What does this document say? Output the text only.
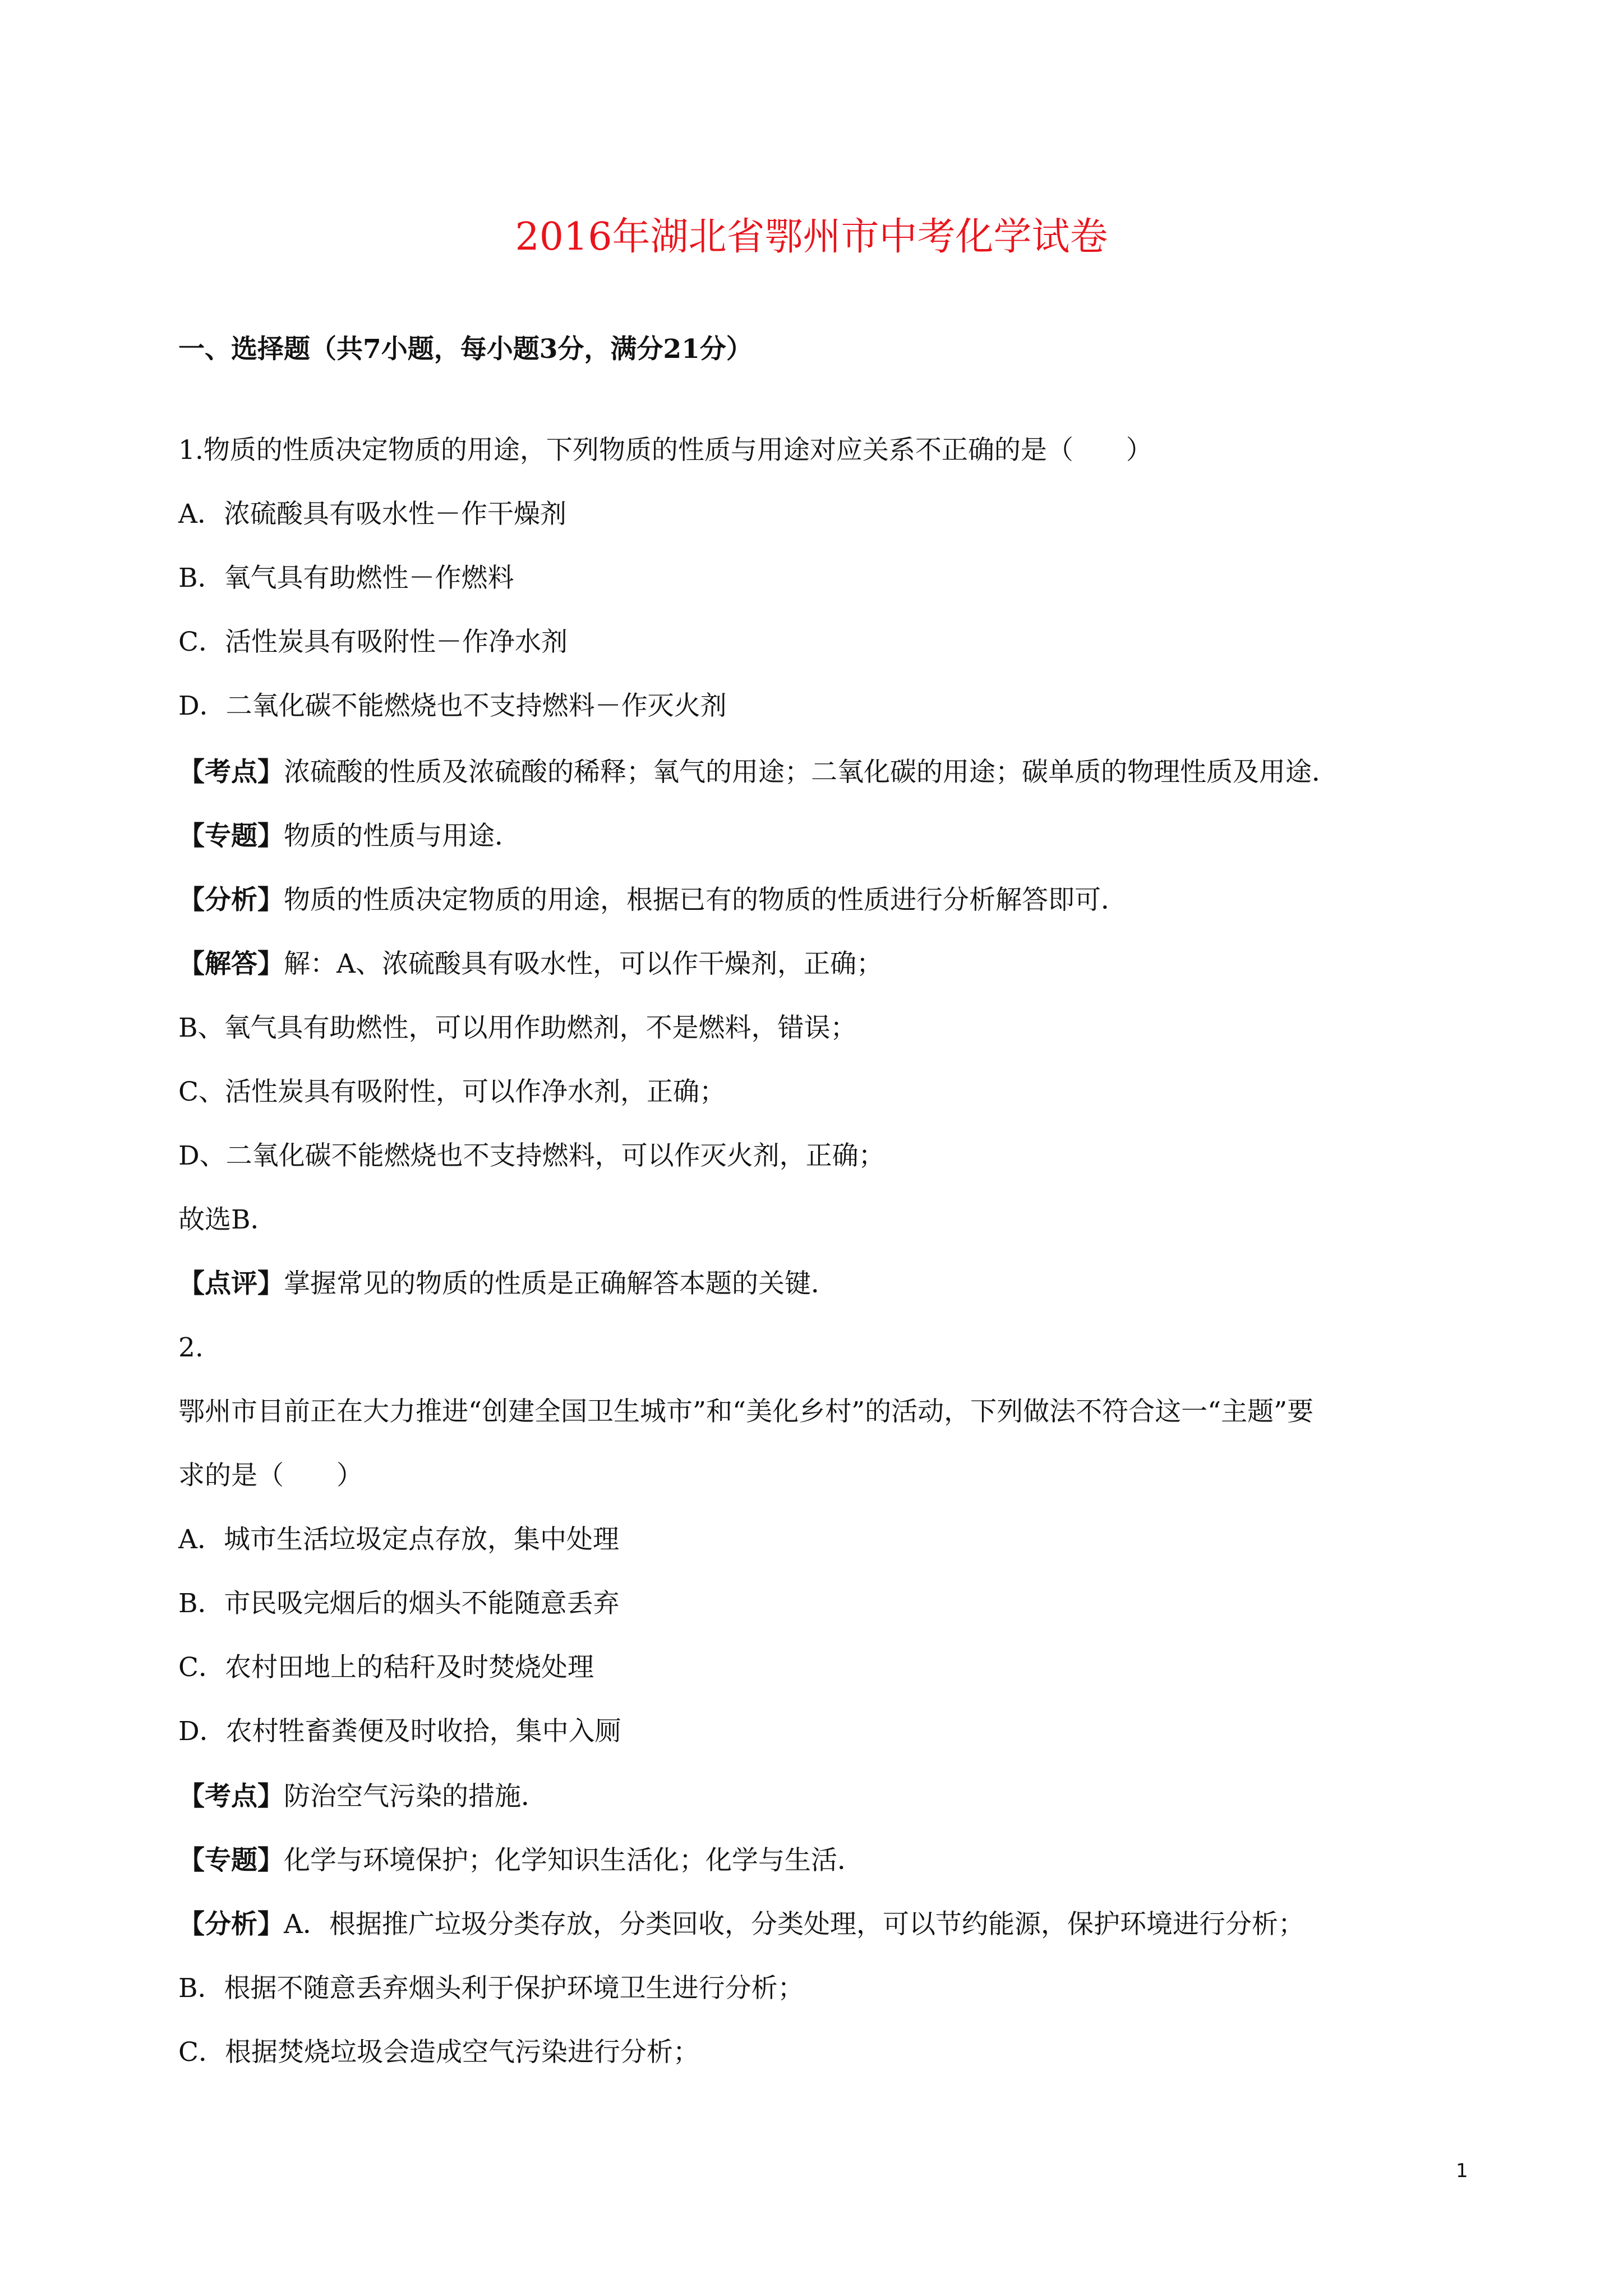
2016年湖北省鄂州市中考化学试卷

一、选择题（共7小题，每小题3分，满分21分）

1.物质的性质决定物质的用途，下列物质的性质与用途对应关系不正确的是（　　）

A．浓硫酸具有吸水性－作干燥剂

B．氧气具有助燃性－作燃料

C．活性炭具有吸附性－作净水剂

D．二氧化碳不能燃烧也不支持燃料－作灭火剂

【考点】浓硫酸的性质及浓硫酸的稀释；氧气的用途；二氧化碳的用途；碳单质的物理性质及用途．

【专题】物质的性质与用途．

【分析】物质的性质决定物质的用途，根据已有的物质的性质进行分析解答即可．

【解答】解：A、浓硫酸具有吸水性，可以作干燥剂，正确；

B、氧气具有助燃性，可以用作助燃剂，不是燃料，错误；

C、活性炭具有吸附性，可以作净水剂，正确；

D、二氧化碳不能燃烧也不支持燃料，可以作灭火剂，正确；

故选B．

【点评】掌握常见的物质的性质是正确解答本题的关键．

2.

鄂州市目前正在大力推进“创建全国卫生城市”和“美化乡村”的活动，下列做法不符合这一“主题”要

求的是（　　）

A．城市生活垃圾定点存放，集中处理

B．市民吸完烟后的烟头不能随意丢弃

C．农村田地上的秸秆及时焚烧处理

D．农村牲畜粪便及时收拾，集中入厕

【考点】防治空气污染的措施．

【专题】化学与环境保护；化学知识生活化；化学与生活．

【分析】A．根据推广垃圾分类存放，分类回收，分类处理，可以节约能源，保护环境进行分析；

B．根据不随意丢弃烟头利于保护环境卫生进行分析；

C．根据焚烧垃圾会造成空气污染进行分析；

1
